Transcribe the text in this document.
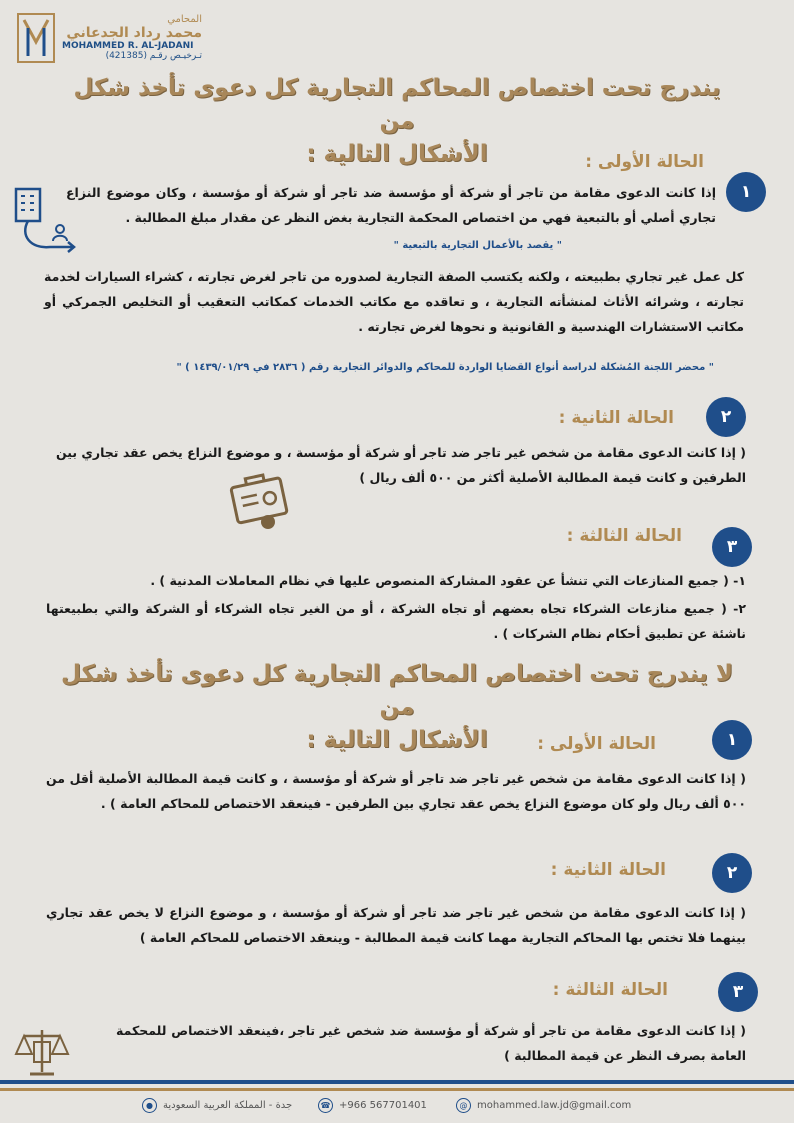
المحامي
محمد رداد الجدعاني
MOHAMMED R. AL-JADANI
تـرخيـص رقـم (421385)
يندرج تحت اختصاص المحاكم التجارية كل دعوى تأخذ شكل من
الأشكال التالية :	الحالة الأولى :
١
إذا كانت الدعوى مقامة من تاجر أو شركة أو مؤسسة ضد تاجر أو شركة أو مؤسسة ، وكان موضوع النزاع تجاري أصلي أو بالتبعية فهي من اختصاص المحكمة التجارية بغض النظر عن مقدار مبلغ المطالبة .
" يقصد بالأعمال التجارية بالتبعية "
كل عمل غير تجاري بطبيعته ، ولكنه يكتسب الصفة التجارية لصدوره من تاجر لغرض تجارته ، كشراء السيارات لخدمة تجارته ، وشرائه الأثاث لمنشأته التجارية ، و تعاقده مع مكاتب الخدمات كمكاتب التعقيب أو التخليص الجمركي أو مكاتب الاستشارات الهندسية و القانونية و نحوها لغرض تجارته .
" محضر اللجنة المُشكلة لدراسة أنواع القضايا الواردة للمحاكم والدوائر التجارية رقم ( ٢٨٣٦ في ١٤٣٩/٠١/٢٩ ) "
الحالة الثانية :	٢
( إذا كانت الدعوى مقامة من شخص غير تاجر ضد تاجر أو شركة أو مؤسسة ، و موضوع النزاع يخص عقد تجاري بين الطرفين و كانت قيمة المطالبة الأصلية أكثر من ٥٠٠ ألف ريال )
الحالة الثالثة :
٣
١- ( جميع المنازعات التي تنشأ عن عقود المشاركة المنصوص عليها في نظام المعاملات المدنية ) .
٢- ( جميع منازعات الشركاء تجاه بعضهم أو تجاه الشركة ، أو من الغير تجاه الشركاء أو الشركة والتي بطبيعتها ناشئة عن تطبيق أحكام نظام الشركات ) .
لا يندرج تحت اختصاص المحاكم التجارية كل دعوى تأخذ شكل من
الأشكال التالية :	الحالة الأولى :	١
( إذا كانت الدعوى مقامة من شخص غير تاجر ضد تاجر أو شركة أو مؤسسة ، و كانت قيمة المطالبة الأصلية أقل من ٥٠٠ ألف ريال ولو كان موضوع النزاع يخص عقد تجاري بين الطرفين - فينعقد الاختصاص للمحاكم العامة ) .
الحالة الثانية :	٢
( إذا كانت الدعوى مقامة من شخص غير تاجر ضد تاجر أو شركة أو مؤسسة ، و موضوع النزاع لا يخص عقد تجاري بينهما فلا تختص بها المحاكم التجارية مهما كانت قيمة المطالبة - وينعقد الاختصاص للمحاكم العامة )
الحالة الثالثة :	٣
( إذا كانت الدعوى مقامة من تاجر أو شركة أو مؤسسة ضد شخص غير تاجر ،فينعقد الاختصاص للمحكمة العامة بصرف النظر عن قيمة المطالبة )
@ mohammed.law.jd@gmail.com
☎ +966 567701401
●	جدة - المملكة العربية السعودية
